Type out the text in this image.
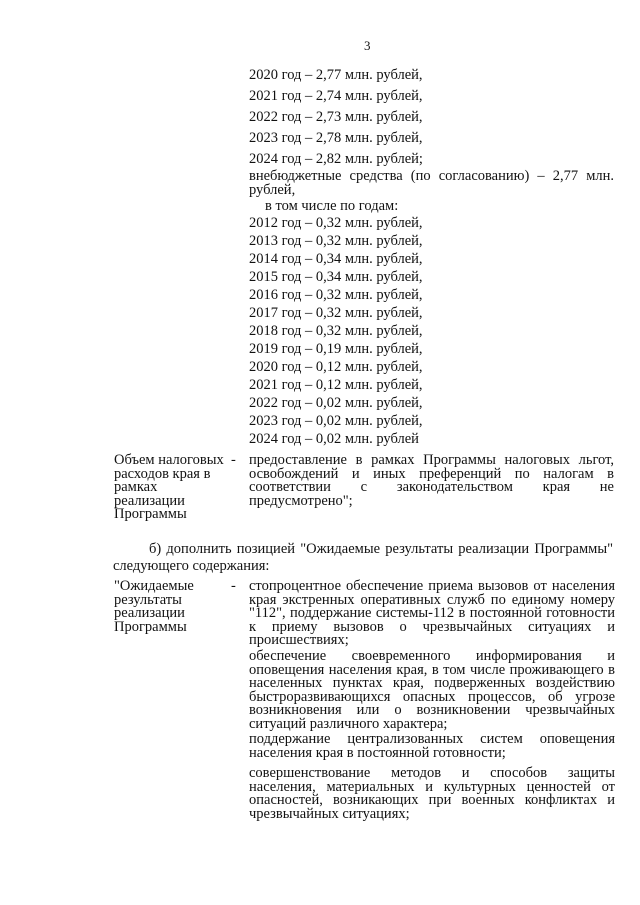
3
2020 год – 2,77 млн. рублей,
2021 год – 2,74 млн. рублей,
2022 год – 2,73 млн. рублей,
2023 год – 2,78 млн. рублей,
2024 год – 2,82 млн. рублей;
внебюджетные средства (по согласованию) – 2,77 млн. рублей,
в том числе по годам:
2012 год – 0,32 млн. рублей,
2013 год – 0,32 млн. рублей,
2014 год – 0,34 млн. рублей,
2015 год – 0,34 млн. рублей,
2016 год – 0,32 млн. рублей,
2017 год – 0,32 млн. рублей,
2018 год – 0,32 млн. рублей,
2019 год – 0,19 млн. рублей,
2020 год – 0,12 млн. рублей,
2021 год – 0,12 млн. рублей,
2022 год – 0,02 млн. рублей,
2023 год – 0,02 млн. рублей,
2024 год – 0,02 млн. рублей
Объем налоговых расходов края в рамках реализации Программы
- предоставление в рамках Программы налоговых льгот, освобождений и иных преференций по налогам в соответствии с законодательством края не предусмотрено";
б) дополнить позицией "Ожидаемые результаты реализации Программы" следующего содержания:
"Ожидаемые результаты реализации Программы
- стопроцентное обеспечение приема вызовов от населения края экстренных оперативных служб по единому номеру "112", поддержание системы-112 в постоянной готовности к приему вызовов о чрезвычайных ситуациях и происшествиях;
обеспечение своевременного информирования и оповещения населения края, в том числе проживающего в населенных пунктах края, подверженных воздействию быстроразвивающихся опасных процессов, об угрозе возникновения или о возникновении чрезвычайных ситуаций различного характера;
поддержание централизованных систем оповещения населения края в постоянной готовности;
совершенствование методов и способов защиты населения, материальных и культурных ценностей от опасностей, возникающих при военных конфликтах и чрезвычайных ситуациях;
